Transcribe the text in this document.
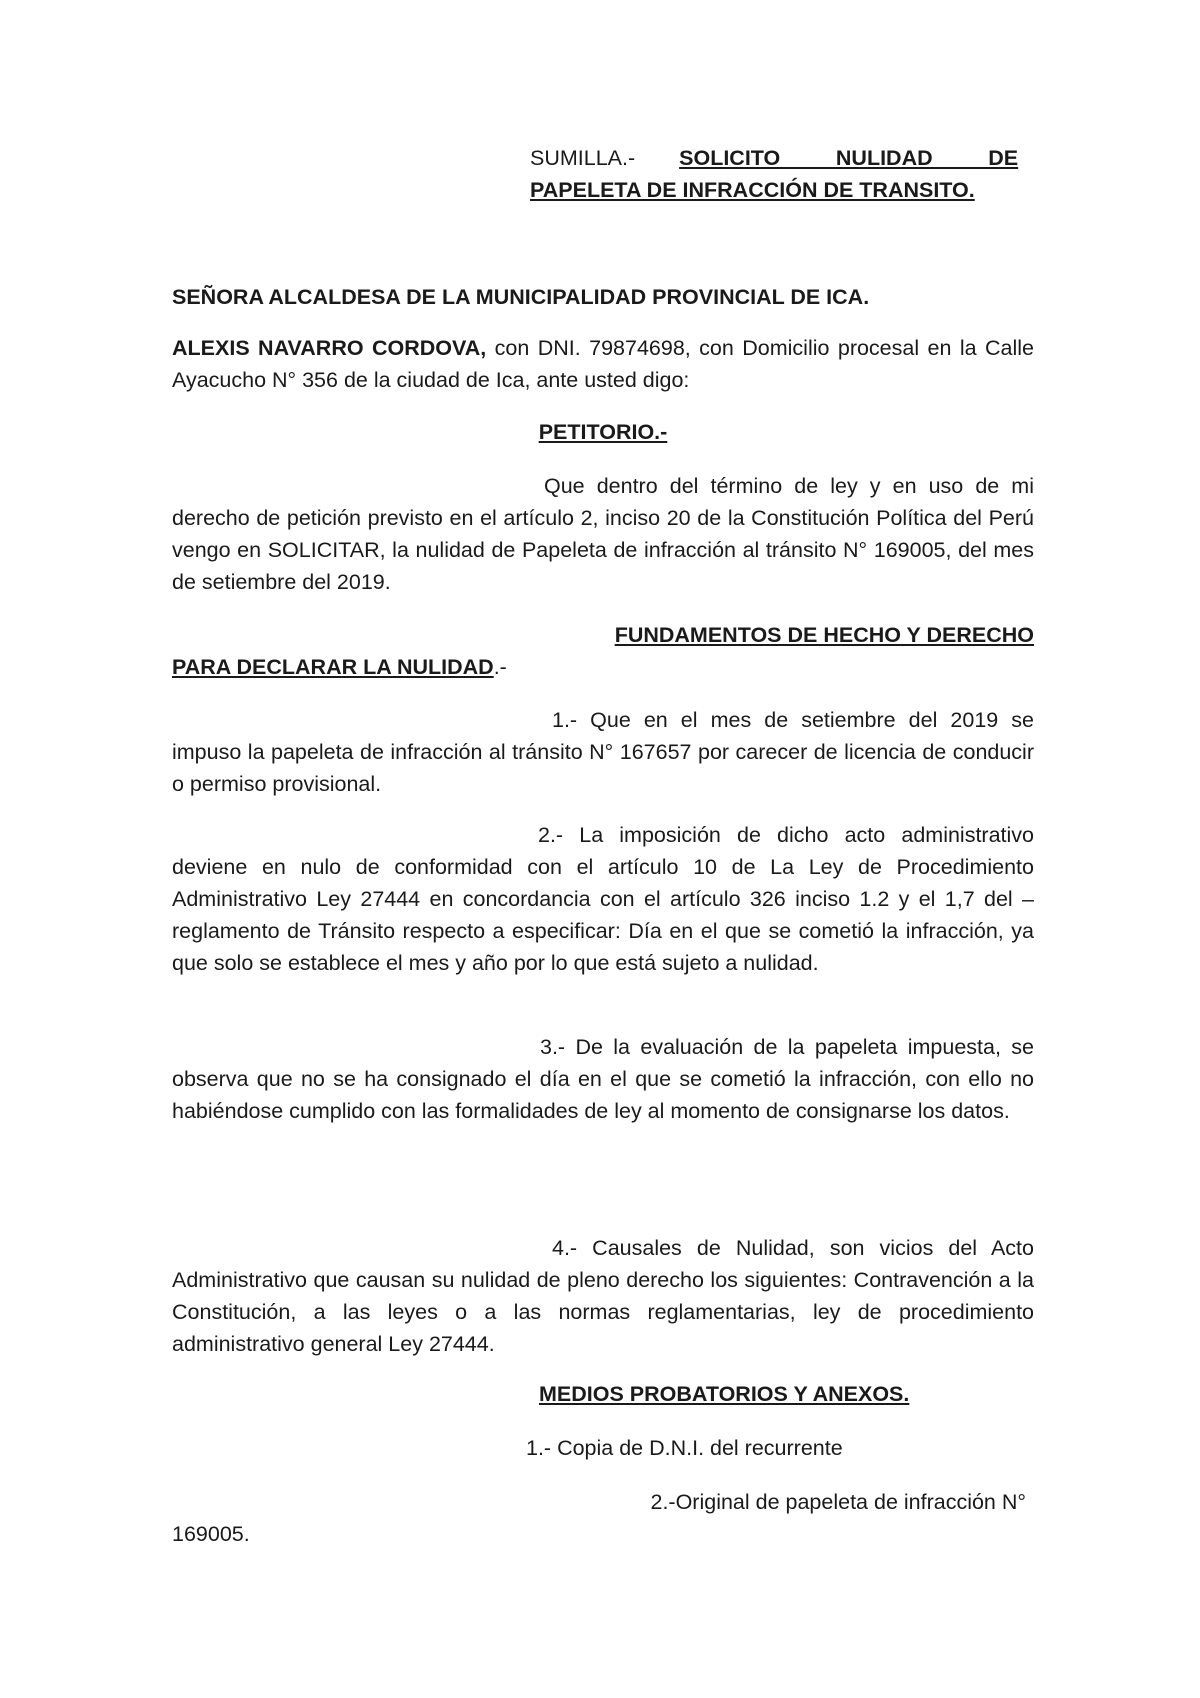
SUMILLA.- SOLICITO NULIDAD DE

PAPELETA DE INFRACCIÓN DE TRANSITO.

SEÑORA ALCALDESA DE LA MUNICIPALIDAD PROVINCIAL DE ICA.
ALEXIS NAVARRO CORDOVA, con DNI. 79874698, con Domicilio procesal en la Calle Ayacucho N° 356 de la ciudad de Ica, ante usted digo:
PETITORIO.-

Que dentro del término de ley y en uso de mi derecho de petición previsto en el artículo 2, inciso 20 de la Constitución Política del Perú vengo en SOLICITAR, la nulidad de Papeleta de infracción al tránsito N° 169005, del mes de setiembre del 2019.

FUNDAMENTOS DE HECHO Y DERECHO

PARA DECLARAR LA NULIDAD.-

1.- Que en el mes de setiembre del 2019 se impuso la papeleta de infracción al tránsito N° 167657 por carecer de licencia de conducir o permiso provisional.

2.- La imposición de dicho acto administrativo deviene en nulo de conformidad con el artículo 10 de La Ley de Procedimiento Administrativo Ley 27444 en concordancia con el artículo 326 inciso 1.2 y el 1,7 del –reglamento de Tránsito respecto a especificar: Día en el que se cometió la infracción, ya que solo se establece el mes y año por lo que está sujeto a nulidad.

3.- De la evaluación de la papeleta impuesta, se observa que no se ha consignado el día en el que se cometió la infracción, con ello no habiéndose cumplido con las formalidades de ley al momento de consignarse los datos.

4.- Causales de Nulidad, son vicios del Acto Administrativo que causan su nulidad de pleno derecho los siguientes: Contravención a la Constitución, a las leyes o a las normas reglamentarias, ley de procedimiento administrativo general Ley 27444.

MEDIOS PROBATORIOS Y ANEXOS.
1.- Copia de D.N.I. del recurrente

2.-Original de papeleta de infracción N°

169005.
